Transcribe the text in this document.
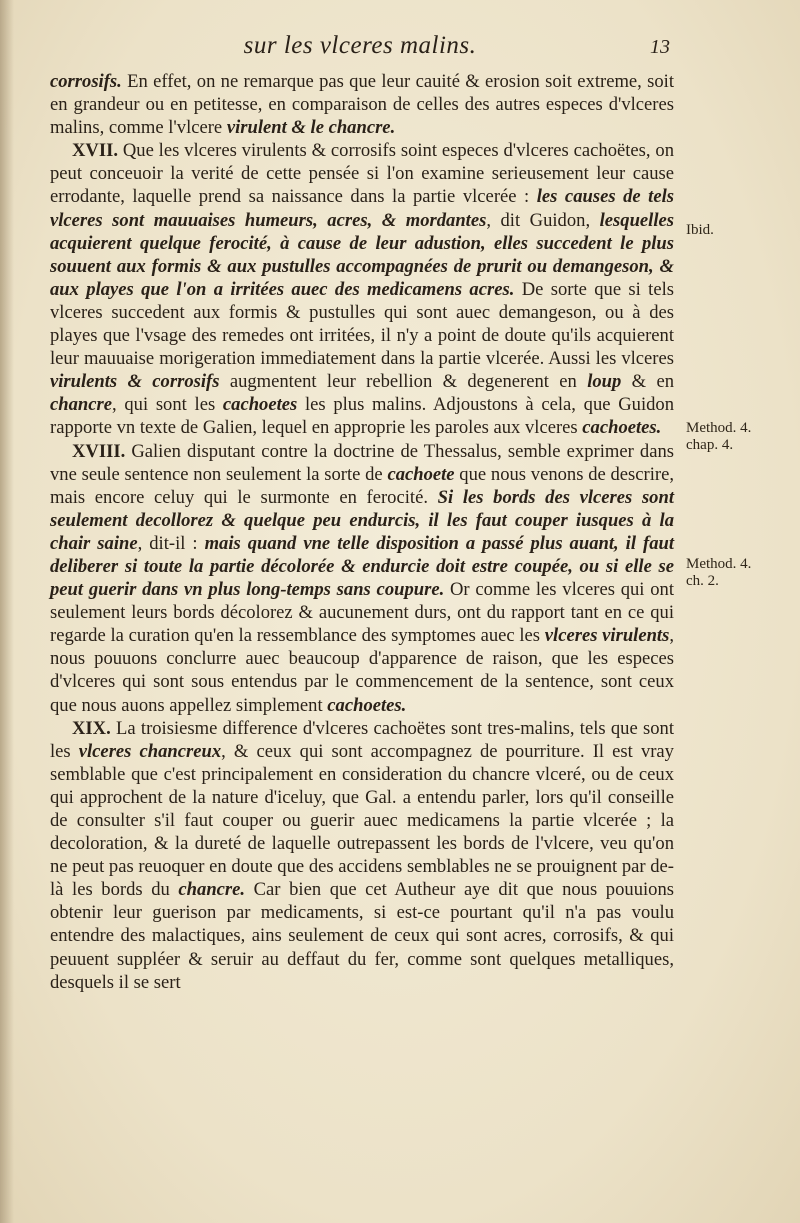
sur les vlceres malins.	13

corrosifs. En effet, on ne remarque pas que leur cauité & erosion soit extreme, soit en grandeur ou en petitesse, en comparaison de celles des autres especes d'vlceres malins, comme l'vlcere virulent & le chancre.

XVII. Que les vlceres virulents & corrosifs soint especes d'vlceres cachoëtes, on peut conceuoir la verité de cette pensée si l'on examine serieusement leur cause errodante, laquelle prend sa naissance dans la partie vlcerée : les causes de tels vlceres sont mauuaises humeurs, acres, & mordantes, dit Guidon, lesquelles acquierent quelque ferocité, à cause de leur adustion, elles succedent le plus souuent aux formis & aux pustulles accompagnées de prurit ou demangeson, & aux playes que l'on a irritées auec des medicamens acres. De sorte que si tels vlceres succedent aux formis & pustulles qui sont auec demangeson, ou à des playes que l'vsage des remedes ont irritées, il n'y a point de doute qu'ils acquierent leur mauuaise morigeration immediatement dans la partie vlcerée. Aussi les vlceres virulents & corrosifs augmentent leur rebellion & degenerent en loup & en chancre, qui sont les cachoetes les plus malins. Adjoustons à cela, que Guidon rapporte vn texte de Galien, lequel en approprie les paroles aux vlceres cachoetes.

XVIII. Galien disputant contre la doctrine de Thessalus, semble exprimer dans vne seule sentence non seulement la sorte de cachoete que nous venons de descrire, mais encore celuy qui le surmonte en ferocité. Si les bords des vlceres sont seulement decollorez & quelque peu endurcis, il les faut couper iusques à la chair saine, dit-il : mais quand vne telle disposition a passé plus auant, il faut deliberer si toute la partie décolorée & endurcie doit estre coupée, ou si elle se peut guerir dans vn plus long-temps sans coupure. Or comme les vlceres qui ont seulement leurs bords décolorez & aucunement durs, ont du rapport tant en ce qui regarde la curation qu'en la ressemblance des symptomes auec les vlceres virulents, nous pouuons conclurre auec beaucoup d'apparence de raison, que les especes d'vlceres qui sont sous entendus par le commencement de la sentence, sont ceux que nous auons appellez simplement cachoetes.

XIX. La troisiesme difference d'vlceres cachoëtes sont tres-malins, tels que sont les vlceres chancreux, & ceux qui sont accompagnez de pourriture. Il est vray semblable que c'est principalement en consideration du chancre vlceré, ou de ceux qui approchent de la nature d'iceluy, que Gal. a entendu parler, lors qu'il conseille de consulter s'il faut couper ou guerir auec medicamens la partie vlcerée ; la decoloration, & la dureté de laquelle outrepassent les bords de l'vlcere, veu qu'on ne peut pas reuoquer en doute que des accidens semblables ne se prouignent par de-là les bords du chancre. Car bien que cet Autheur aye dit que nous pouuions obtenir leur guerison par medicaments, si est-ce pourtant qu'il n'a pas voulu entendre des malactiques, ains seulement de ceux qui sont acres, corrosifs, & qui peuuent suppléer & seruir au deffaut du fer, comme sont quelques metalliques, desquels il se sert

Ibid.
Method. 4.
chap. 4.
Method. 4.
ch. 2.
